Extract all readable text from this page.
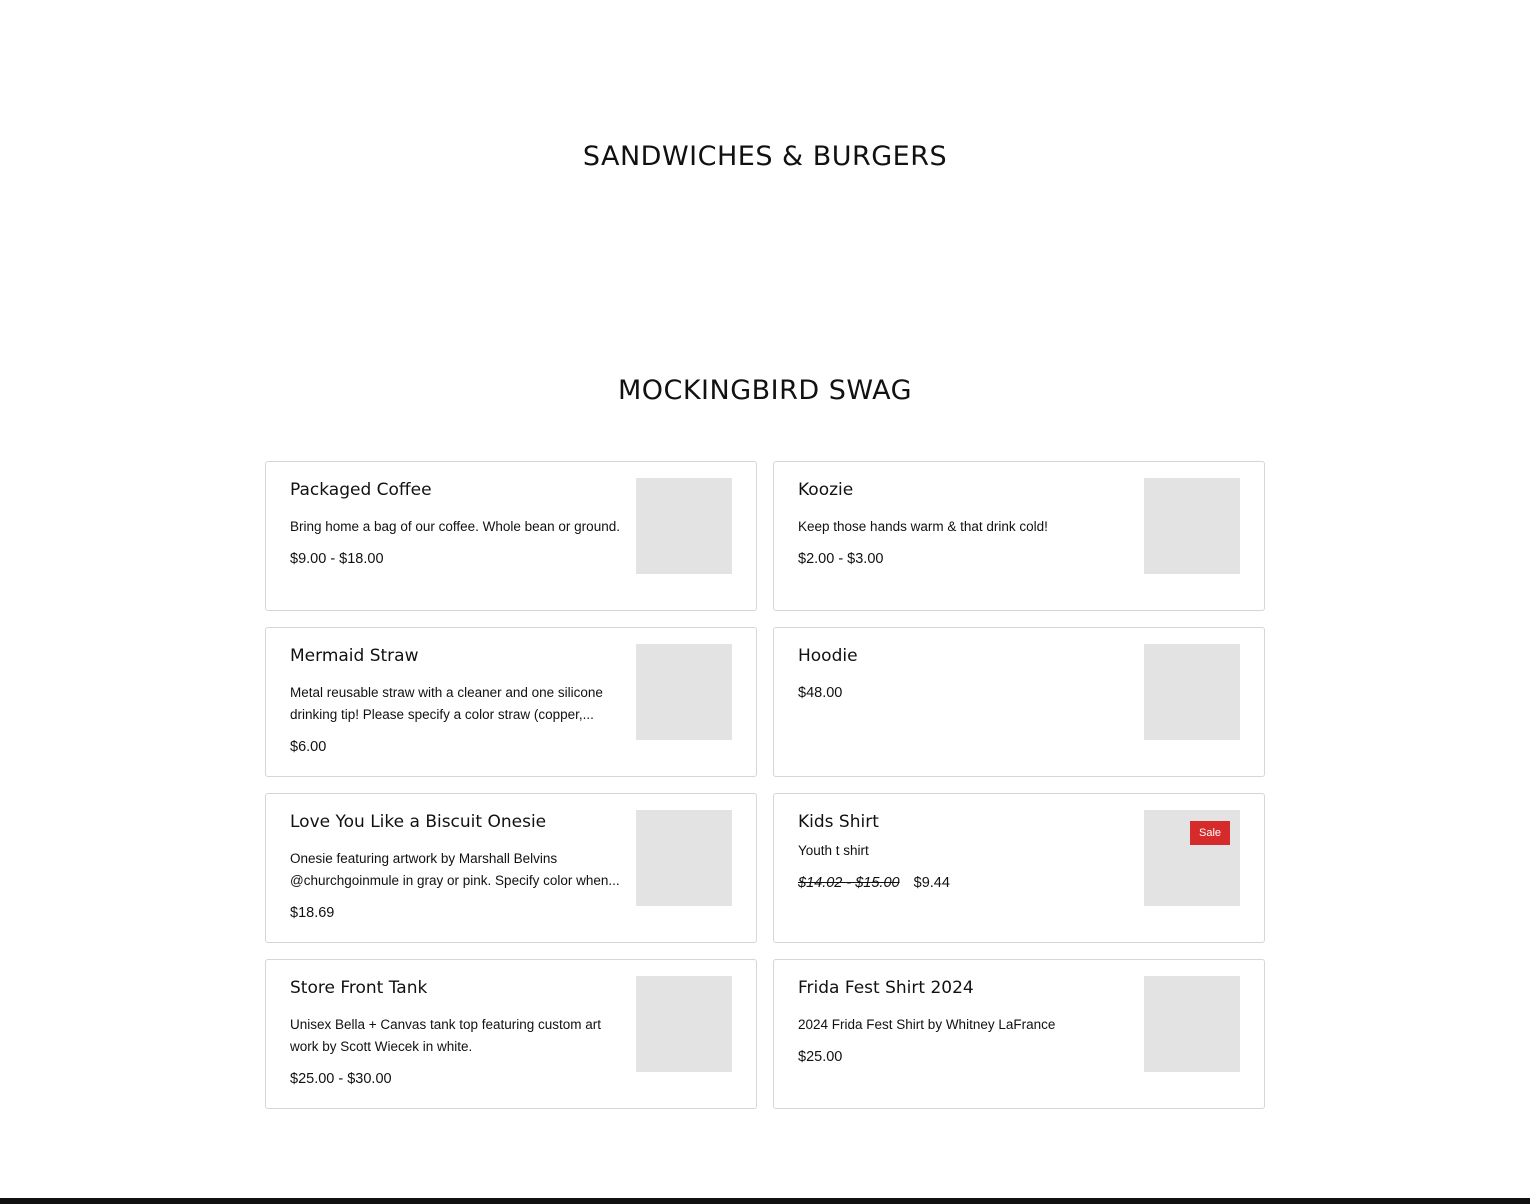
SANDWICHES & BURGERS
MOCKINGBIRD SWAG
Packaged Coffee
Bring home a bag of our coffee. Whole bean or ground.
$9.00 - $18.00
Koozie
Keep those hands warm & that drink cold!
$2.00 - $3.00
Mermaid Straw
Metal reusable straw with a cleaner and one silicone drinking tip! Please specify a color straw (copper,...
$6.00
Hoodie
$48.00
Love You Like a Biscuit Onesie
Onesie featuring artwork by Marshall Belvins @churchgoinmule in gray or pink. Specify color when...
$18.69
Kids Shirt
Youth t shirt
$14.02 - $15.00 $9.44
Sale
Store Front Tank
Unisex Bella + Canvas tank top featuring custom art work by Scott Wiecek in white.
$25.00 - $30.00
Frida Fest Shirt 2024
2024 Frida Fest Shirt by Whitney LaFrance
$25.00
